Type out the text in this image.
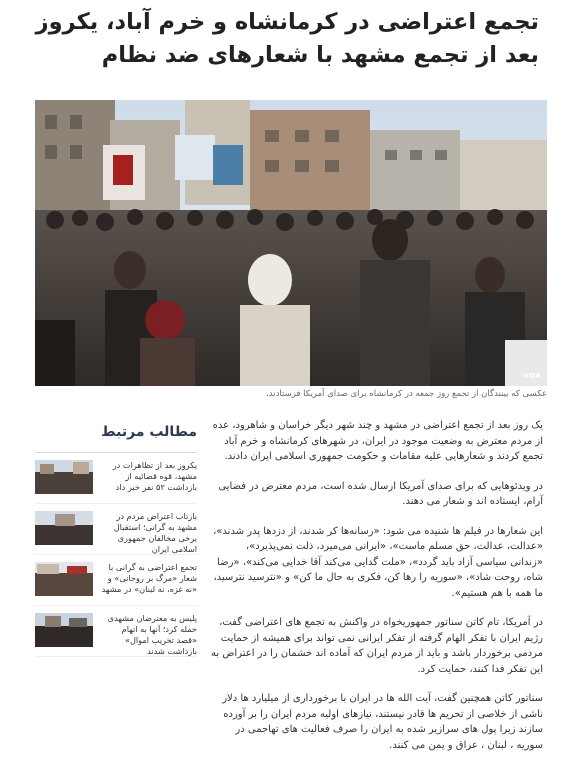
تجمع اعتراضی در کرمانشاه و خرم آباد، یکروز بعد از تجمع مشهد با شعارهای ضد نظام
VOA
عکسی که بینندگان از تجمع روز جمعه در کرمانشاه برای صدای آمریکا فرستادند.

یک روز بعد از تجمع اعتراضی در مشهد و چند شهر دیگر خراسان و شاهرود، عده از مردم معترض به وضعیت موجود در ایران، در شهرهای کرمانشاه و خرم آباد تجمع کردند و شعارهایی علیه مقامات و حکومت جمهوری اسلامی ایران دادند.

در ویدئوهایی که برای صدای آمریکا ارسال شده است، مردم معترض در فضایی آرام، ایستاده اند و شعار می دهند.

این شعارها در فیلم ها شنیده می شود: «رسانه‌ها کر شدند، از دزدها پدر شدند»، «عدالت، عدالت، حق مسلم ماست»، «ایرانی می‌میرد، ذلت نمی‌پذیرد»، «زندانی سیاسی آزاد باید گردد»، «ملت گدایی می‌کند آقا خدایی می‌کند»، «رضا شاه، روحت شاد»، «سوریه را رها کن، فکری به حال ما کن» و «نترسید نترسید، ما همه با هم هستیم».

در آمریکا، تام کاتن سناتور جمهوریخواه در واکنش به تجمع های اعتراضی گفت، رژیم ایران با تفکر الهام گرفته از تفکر ایرانی نمی تواند برای همیشه از حمایت مردمی برخوردار باشد و باید از مردم ایران که آماده اند خشمان را در اعتراض به این تفکر فدا کنند، حمایت کرد.

سناتور کاتن همچنین گفت، آیت الله ها در ایران با برخورداری از میلیارد ها دلار ناشی از خلاصی از تحریم ها قادر نیستند، نیازهای اولیه مردم ایران را بر آورده سازند زیرا پول های سرازیر شده به ایران را صرف فعالیت های تهاجمی در سوریه ، لبنان ، عراق و یمن می کنند.

مطالب مرتبط
یکروز بعد از تظاهرات در مشهد، قوه قضائیه از بازداشت ۵۲ نفر خبر داد
بازتاب اعتراض مردم در مشهد به گرانی؛ استقبال برخی مخالفان جمهوری اسلامی ایران
تجمع اعتراضی به گرانی با شعار «مرگ بر روحانی» و «نه غزه، نه لبنان» در مشهد
پلیس به معترضان مشهدی حمله کرد؛ آنها به اتهام «قصد تخریب اموال» بازداشت شدند
